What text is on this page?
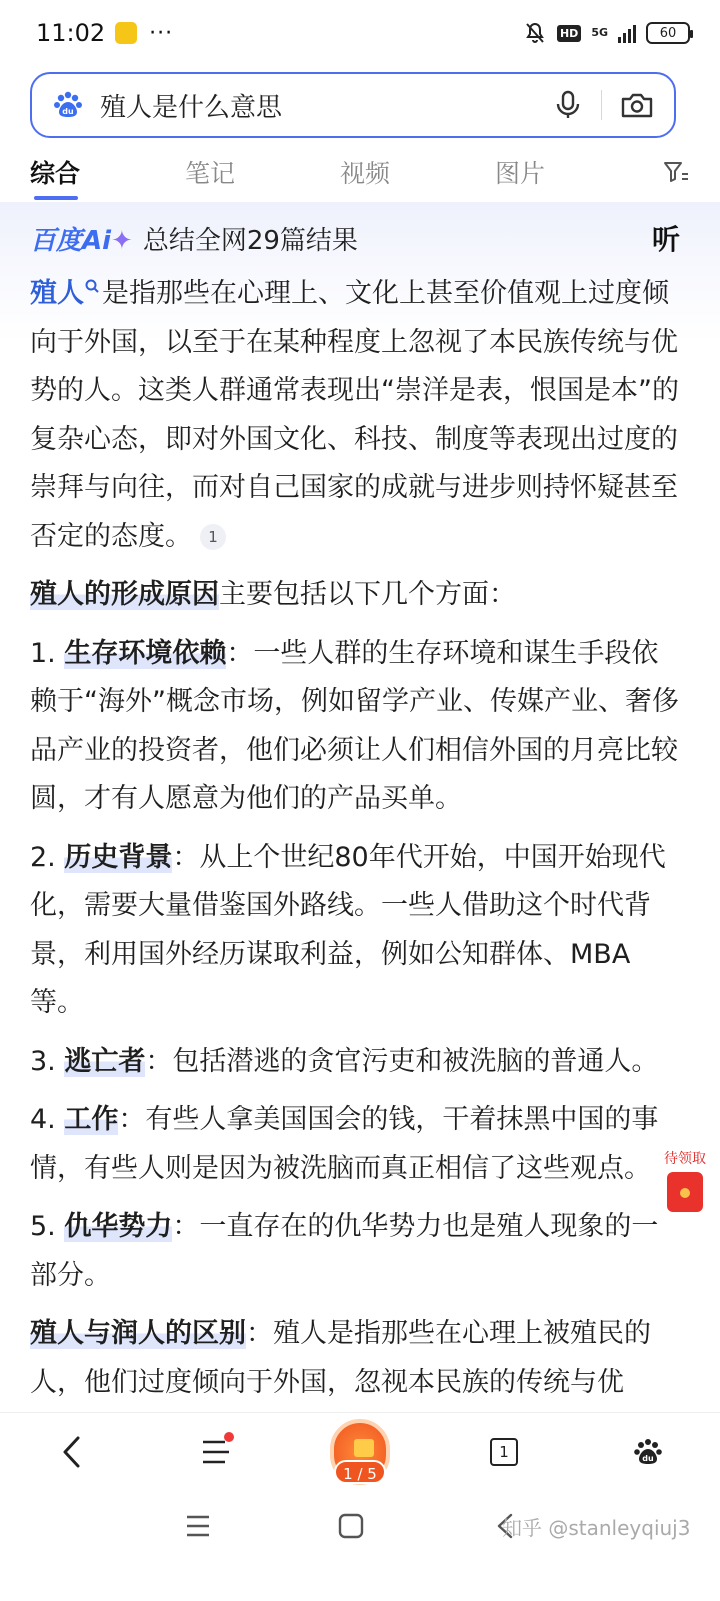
11:02 ···	HD 5G	60
du 殖人是什么意思
综合	笔记	视频	图片
百度Ai✦ 总结全网29篇结果	听

殖人 是指那些在心理上、文化上甚至价值观上过度倾向于外国，以至于在某种程度上忽视了本民族传统与优势的人。这类人群通常表现出“崇洋是表，恨国是本”的复杂心态，即对外国文化、科技、制度等表现出过度的崇拜与向往，而对自己国家的成就与进步则持怀疑甚至否定的态度。 1

殖人的形成原因主要包括以下几个方面：

1. 生存环境依赖：一些人群的生存环境和谋生手段依赖于“海外”概念市场，例如留学产业、传媒产业、奢侈品产业的投资者，他们必须让人们相信外国的月亮比较圆，才有人愿意为他们的产品买单。

2. 历史背景：从上个世纪80年代开始，中国开始现代化，需要大量借鉴国外路线。一些人借助这个时代背景，利用国外经历谋取利益，例如公知群体、MBA等。

3. 逃亡者：包括潜逃的贪官污吏和被洗脑的普通人。

4. 工作：有些人拿美国国会的钱，干着抹黑中国的事情，有些人则是因为被洗脑而真正相信了这些观点。

5. 仇华势力：一直存在的仇华势力也是殖人现象的一部分。

殖人与润人的区别：殖人是指那些在心理上被殖民的人，他们过度倾向于外国，忽视本民族的传统与优

待领取
1 / 5
1	du
知乎 @stanleyqiuj3
